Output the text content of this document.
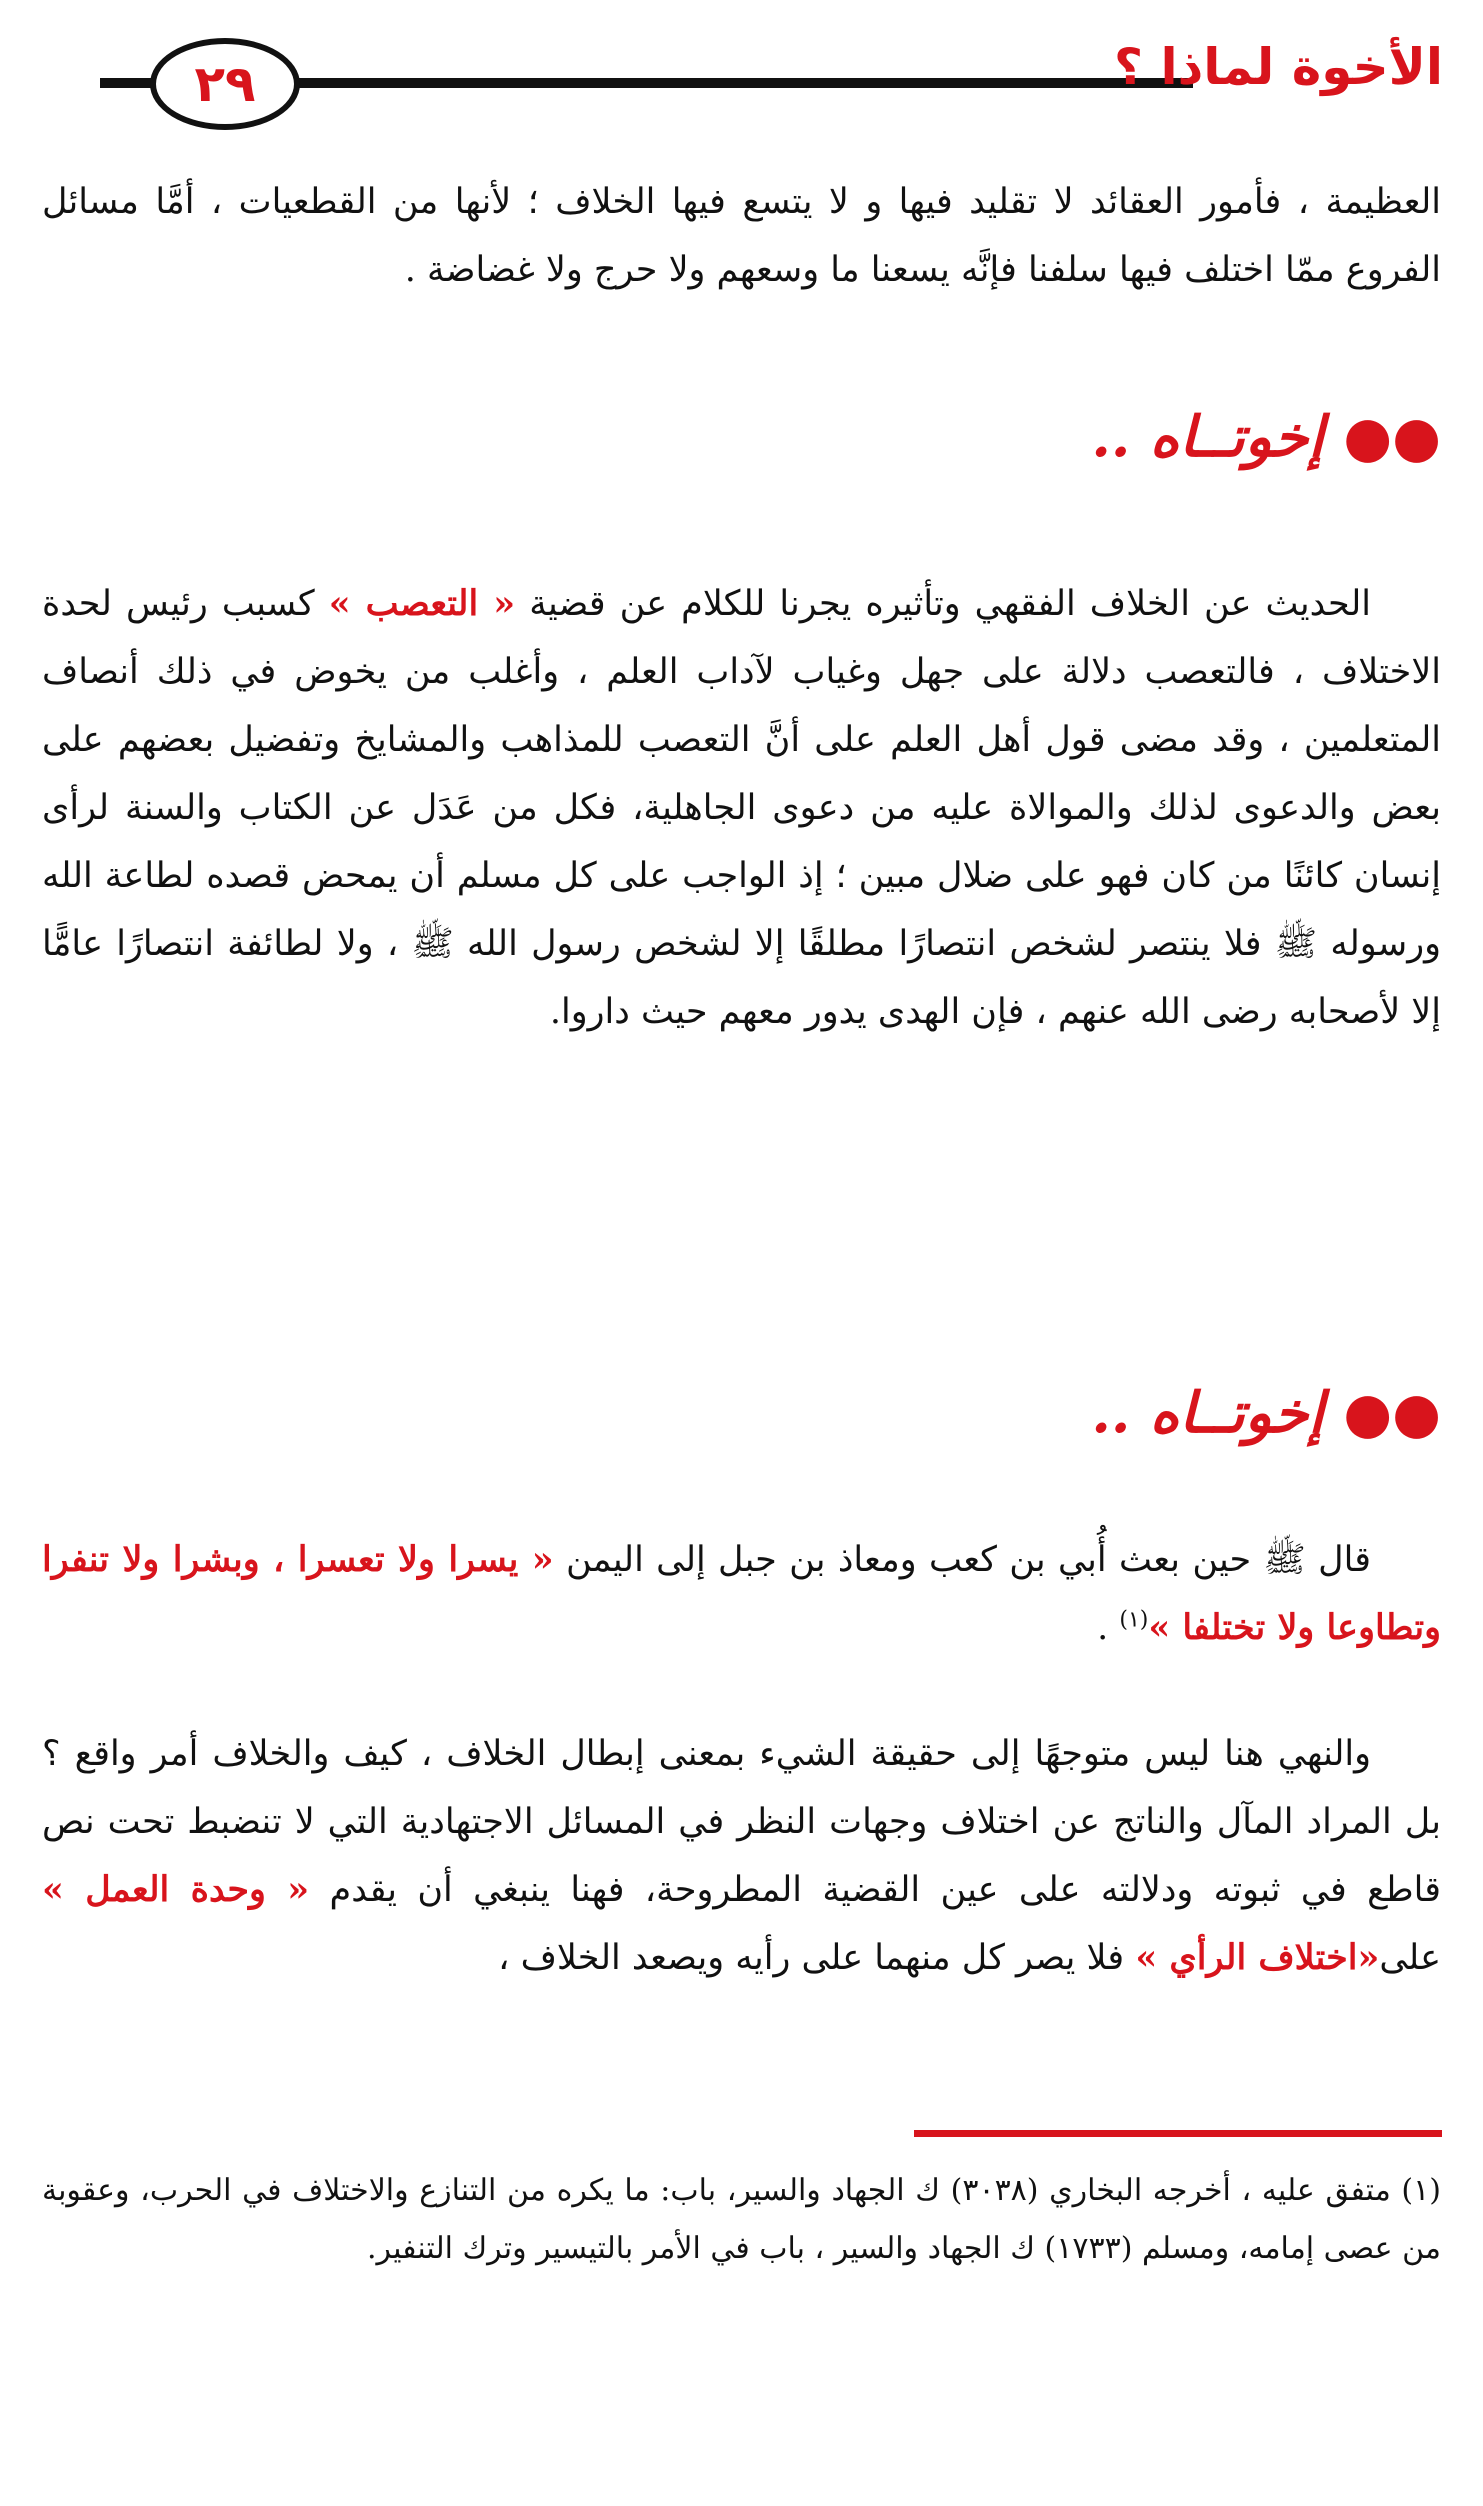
٢٩	الأخوة لماذا ؟
العظيمة ، فأمور العقائد لا تقليد فيها و لا يتسع فيها الخلاف ؛ لأنها من القطعيات ، أمَّا مسائل الفروع ممّا اختلف فيها سلفنا فإنَّه يسعنا ما وسعهم ولا حرج ولا غضاضة .
●● إخوتــاه ..
الحديث عن الخلاف الفقهي وتأثيره يجرنا للكلام عن قضية « التعصب » كسبب رئيس لحدة الاختلاف ، فالتعصب دلالة على جهل وغياب لآداب العلم ، وأغلب من يخوض في ذلك أنصاف المتعلمين ، وقد مضى قول أهل العلم على أنَّ التعصب للمذاهب والمشايخ وتفضيل بعضهم على بعض والدعوى لذلك والموالاة عليه من دعوى الجاهلية، فكل من عَدَل عن الكتاب والسنة لرأى إنسان كائنًا من كان فهو على ضلال مبين ؛ إذ الواجب على كل مسلم أن يمحض قصده لطاعة الله ورسوله ﷺ فلا ينتصر لشخص انتصارًا مطلقًا إلا لشخص رسول الله ﷺ ، ولا لطائفة انتصارًا عامًّا إلا لأصحابه رضى الله عنهم ، فإن الهدى يدور معهم حيث داروا.
●● إخوتــاه ..
قال ﷺ حين بعث أُبي بن كعب ومعاذ بن جبل إلى اليمن « يسرا ولا تعسرا ، وبشرا ولا تنفرا وتطاوعا ولا تختلفا »$^{(١)}$ .
والنهي هنا ليس متوجهًا إلى حقيقة الشيء بمعنى إبطال الخلاف ، كيف والخلاف أمر واقع ؟ بل المراد المآل والناتج عن اختلاف وجهات النظر في المسائل الاجتهادية التي لا تنضبط تحت نص قاطع في ثبوته ودلالته على عين القضية المطروحة، فهنا ينبغي أن يقدم « وحدة العمل » على«اختلاف الرأي » فلا يصر كل منهما على رأيه ويصعد الخلاف ،
(١) متفق عليه ، أخرجه البخاري (٣٠٣٨) ك الجهاد والسير، باب: ما يكره من التنازع والاختلاف في الحرب، وعقوبة من عصى إمامه، ومسلم (١٧٣٣) ك الجهاد والسير ، باب في الأمر بالتيسير وترك التنفير.
